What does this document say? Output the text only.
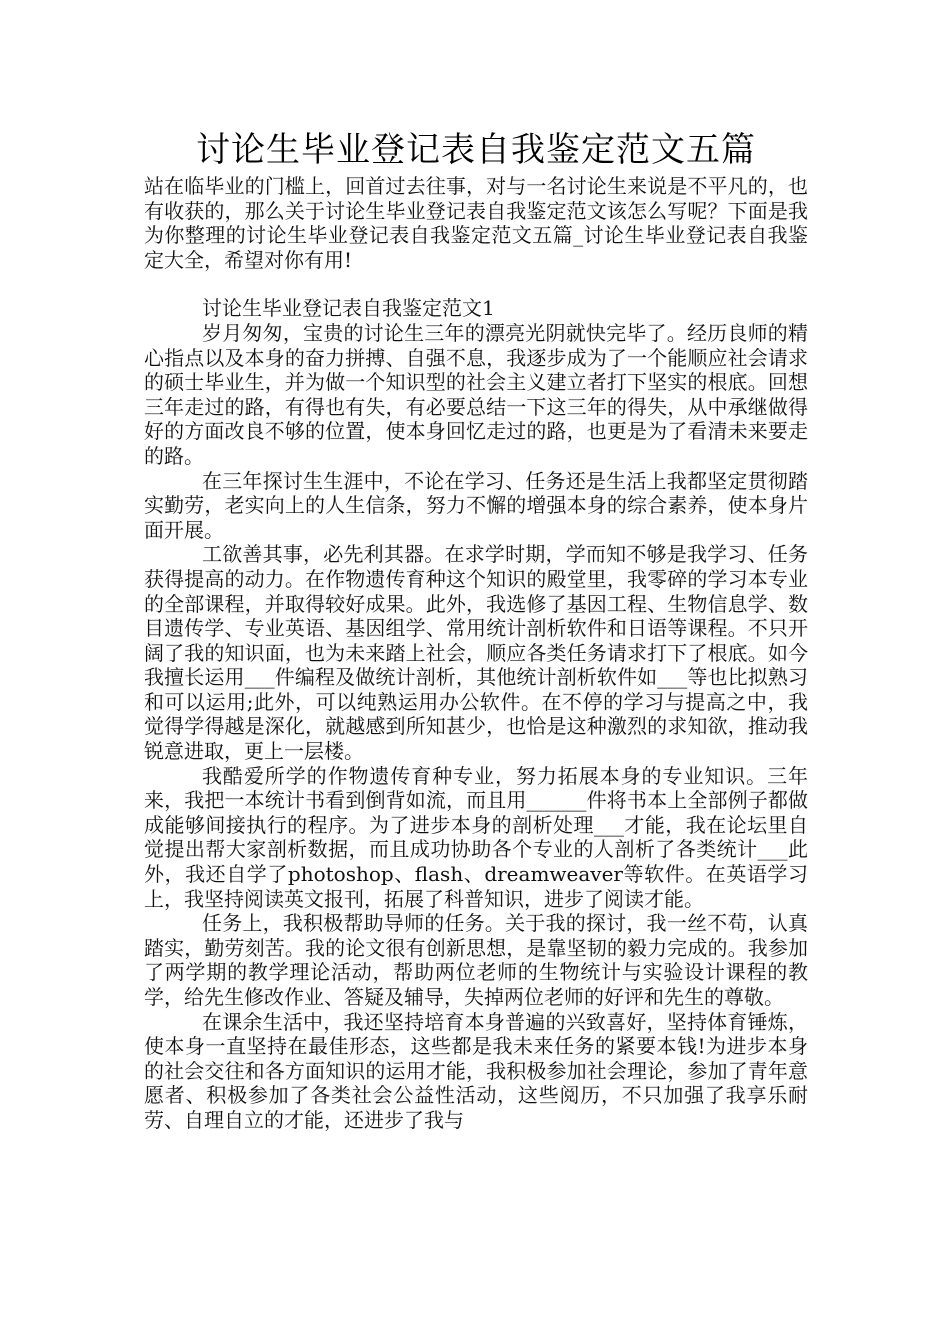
讨论生毕业登记表自我鉴定范文五篇

站在临毕业的门槛上，回首过去往事，对与一名讨论生来说是不平凡的，也有收获的，那么关于讨论生毕业登记表自我鉴定范文该怎么写呢？下面是我为你整理的讨论生毕业登记表自我鉴定范文五篇_讨论生毕业登记表自我鉴定大全，希望对你有用!

讨论生毕业登记表自我鉴定范文1

岁月匆匆，宝贵的讨论生三年的漂亮光阴就快完毕了。经历良师的精心指点以及本身的奋力拼搏、自强不息，我逐步成为了一个能顺应社会请求的硕士毕业生，并为做一个知识型的社会主义建立者打下坚实的根底。回想三年走过的路，有得也有失，有必要总结一下这三年的得失，从中承继做得好的方面改良不够的位置，使本身回忆走过的路，也更是为了看清未来要走的路。

在三年探讨生生涯中，不论在学习、任务还是生活上我都坚定贯彻踏实勤劳，老实向上的人生信条，努力不懈的增强本身的综合素养，使本身片面开展。

工欲善其事，必先利其器。在求学时期，学而知不够是我学习、任务获得提高的动力。在作物遗传育种这个知识的殿堂里，我零碎的学习本专业的全部课程，并取得较好成果。此外，我选修了基因工程、生物信息学、数目遗传学、专业英语、基因组学、常用统计剖析软件和日语等课程。不只开阔了我的知识面，也为未来踏上社会，顺应各类任务请求打下了根底。如今我擅长运用___件编程及做统计剖析，其他统计剖析软件如___等也比拟熟习和可以运用;此外，可以纯熟运用办公软件。在不停的学习与提高之中，我觉得学得越是深化，就越感到所知甚少，也恰是这种激烈的求知欲，推动我锐意进取，更上一层楼。

我酷爱所学的作物遗传育种专业，努力拓展本身的专业知识。三年来，我把一本统计书看到倒背如流，而且用______件将书本上全部例子都做成能够间接执行的程序。为了进步本身的剖析处理___才能，我在论坛里自觉提出帮大家剖析数据，而且成功协助各个专业的人剖析了各类统计___此外，我还自学了photoshop、flash、dreamweaver等软件。在英语学习上，我坚持阅读英文报刊，拓展了科普知识，进步了阅读才能。

任务上，我积极帮助导师的任务。关于我的探讨，我一丝不苟，认真踏实，勤劳刻苦。我的论文很有创新思想，是靠坚韧的毅力完成的。我参加了两学期的教学理论活动，帮助两位老师的生物统计与实验设计课程的教学，给先生修改作业、答疑及辅导，失掉两位老师的好评和先生的尊敬。

在课余生活中，我还坚持培育本身普遍的兴致喜好，坚持体育锤炼，使本身一直坚持在最佳形态，这些都是我未来任务的紧要本钱!为进步本身的社会交往和各方面知识的运用才能，我积极参加社会理论，参加了青年意愿者、积极参加了各类社会公益性活动，这些阅历，不只加强了我享乐耐劳、自理自立的才能，还进步了我与
